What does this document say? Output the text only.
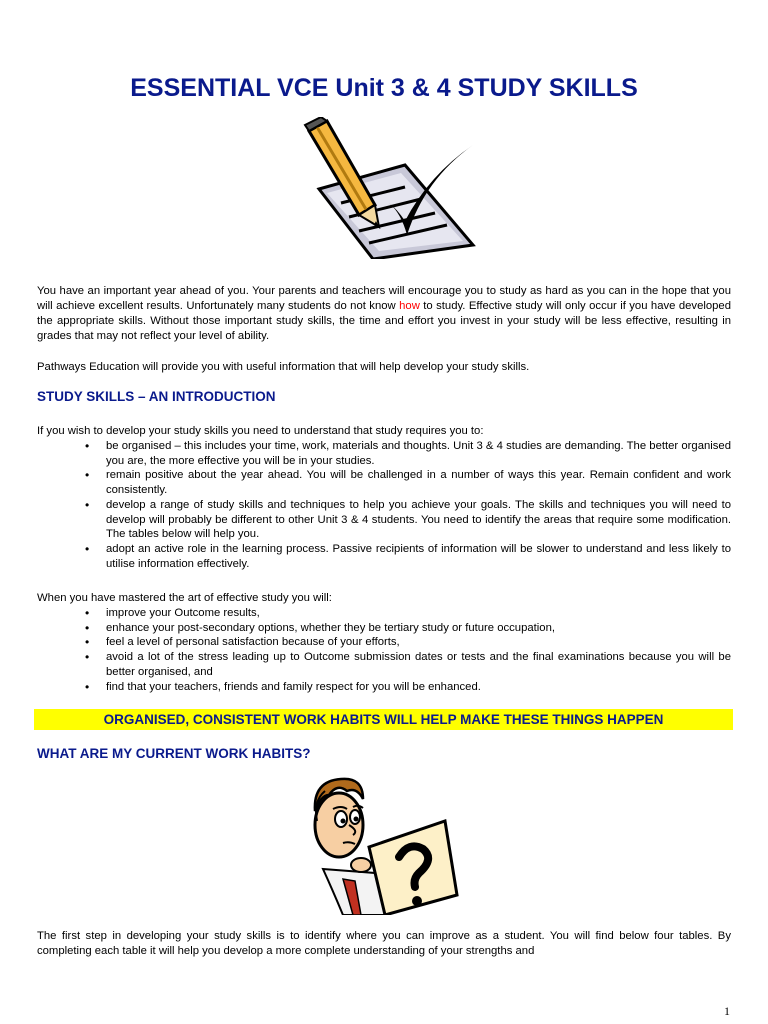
ESSENTIAL VCE Unit 3 & 4 STUDY SKILLS

You have an important year ahead of you. Your parents and teachers will encourage you to study as hard as you can in the hope that you will achieve excellent results. Unfortunately many students do not know how to study. Effective study will only occur if you have developed the appropriate skills. Without those important study skills, the time and effort you invest in your study will be less effective, resulting in grades that may not reflect your level of ability.

Pathways Education will provide you with useful information that will help develop your study skills.

STUDY SKILLS – AN INTRODUCTION

If you wish to develop your study skills you need to understand that study requires you to:

• be organised – this includes your time, work, materials and thoughts. Unit 3 & 4 studies are demanding. The better organised you are, the more effective you will be in your studies.
• remain positive about the year ahead. You will be challenged in a number of ways this year. Remain confident and work consistently.
• develop a range of study skills and techniques to help you achieve your goals. The skills and techniques you will need to develop will probably be different to other Unit 3 & 4 students. You need to identify the areas that require some modification. The tables below will help you.
• adopt an active role in the learning process. Passive recipients of information will be slower to understand and less likely to utilise information effectively.

When you have mastered the art of effective study you will:

• improve your Outcome results,
• enhance your post-secondary options, whether they be tertiary study or future occupation,
• feel a level of personal satisfaction because of your efforts,
• avoid a lot of the stress leading up to Outcome submission dates or tests and the final examinations because you will be better organised, and
• find that your teachers, friends and family respect for you will be enhanced.
ORGANISED, CONSISTENT WORK HABITS WILL HELP MAKE THESE THINGS HAPPEN
WHAT ARE MY CURRENT WORK HABITS?

The first step in developing your study skills is to identify where you can improve as a student. You will find below four tables. By completing each table it will help you develop a more complete understanding of your strengths and

1
